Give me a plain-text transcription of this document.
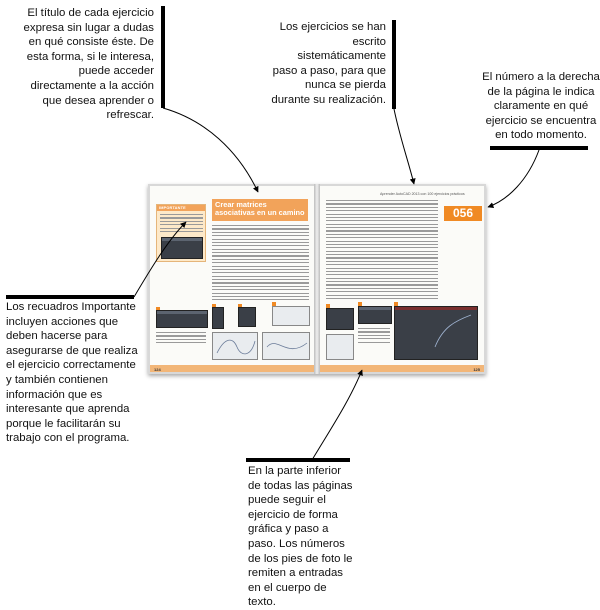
El título de cada ejercicio expresa sin lugar a dudas en qué consiste éste. De esta forma, si le interesa, puede acceder directamente a la acción que desea aprender o refrescar.
Los ejercicios se han escrito sistemáticamente paso a paso, para que nunca se pierda durante su realización.
El número a la derecha de la página le indica claramente en qué ejercicio se encuentra en todo momento.
Los recuadros Importante incluyen acciones que deben hacerse para asegurarse de que realiza el ejercicio correctamente y también contienen información que es interesante que aprenda porque le facilitarán su trabajo con el programa.
En la parte inferior de todas las páginas puede seguir el ejercicio de forma gráfica y paso a paso. Los números de los pies de foto le remiten a entradas en el cuerpo de texto.
IMPORTANTE	Crear matrices asociativas en un camino
124
Aprender AutoCAD 2013 con 100 ejercicios prácticos
056
125
